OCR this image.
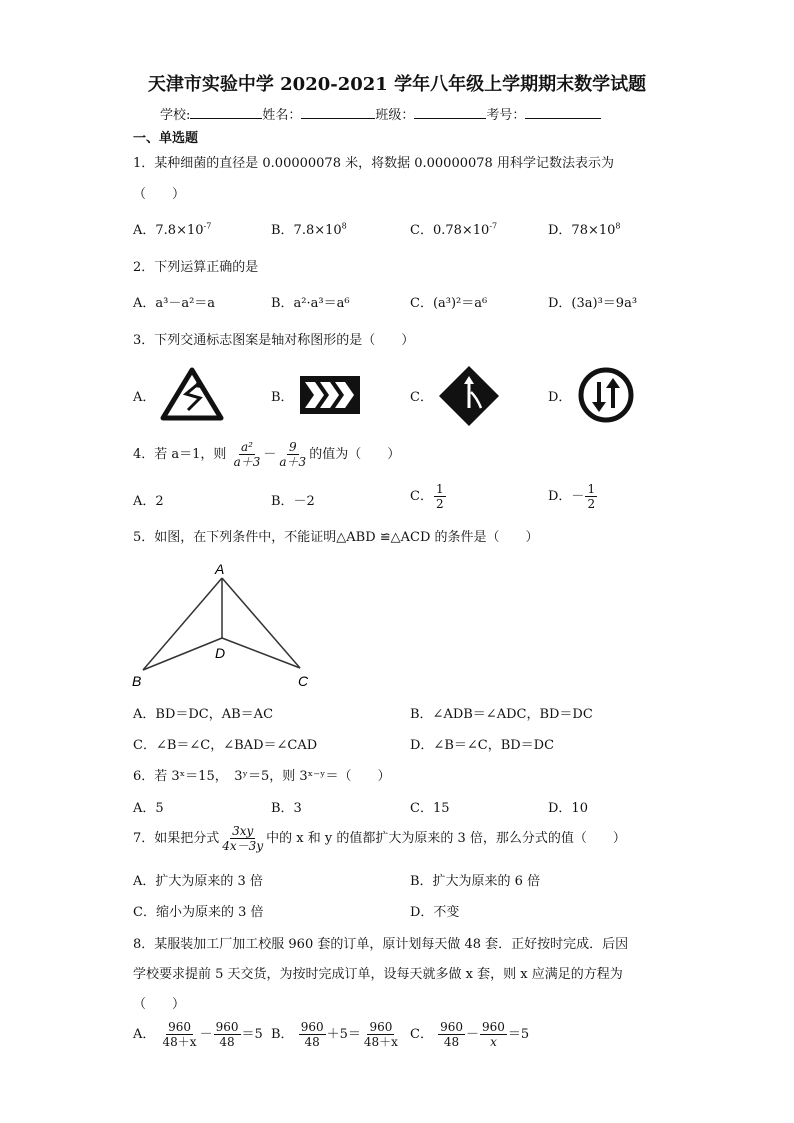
天津市实验中学 2020-2021 学年八年级上学期期末数学试题
学校:	姓名：	班级：	考号：
一、单选题
1．某种细菌的直径是 0.00000078 米，将数据 0.00000078 用科学记数法表示为
（　　）
A．$7.8\times 10^{-7}$	B．$7.8\times 10^8$	C．$0.78\times 10^{-7}$	D．$78\times 10^8$
2．下列运算正确的是
A．a³－a²＝a	B．a²·a³＝a⁶	C．(a³)²＝a⁶	D．(3a)³＝9a³
3．下列交通标志图案是轴对称图形的是（　　）
A．	B．	C．	D．
4．若 a＝1，则 $\frac{\text{a²}}{a+3} - \frac{9}{a+3}$ 的值为（　　）
A．2	B．－2	C． $\frac{1}{2}$	D．－ $\frac{1}{2}$
5．如图，在下列条件中，不能证明△ABD ≌△ACD 的条件是（　　）
A
B	C
D
A．BD＝DC，AB＝AC	B．∠ADB＝∠ADC，BD＝DC
C．∠B＝∠C，∠BAD＝∠CAD	D．∠B＝∠C，BD＝DC
6．若 3ˣ＝15，　3ʸ＝5，则 3ˣ⁻ʸ＝（　　）
A．5	B．3	C．15	D．10
7．如果把分式 $\frac{3xy}{4x-3y}$ 中的 x 和 y 的值都扩大为原来的 3 倍，那么分式的值（　　）
A．扩大为原来的 3 倍	B．扩大为原来的 6 倍
C．缩小为原来的 3 倍	D．不变
8．某服装加工厂加工校服 960 套的订单，原计划每天做 48 套．正好按时完成．后因
学校要求提前 5 天交货，为按时完成订单，设每天就多做 x 套，则 x 应满足的方程为
（　　）
A． $\frac{960}{48+x} - \frac{960}{48} =5$ B． $\frac{960}{48} +5= \frac{960}{48+x}$ C． $\frac{960}{48} - \frac{960}{x} =5$
